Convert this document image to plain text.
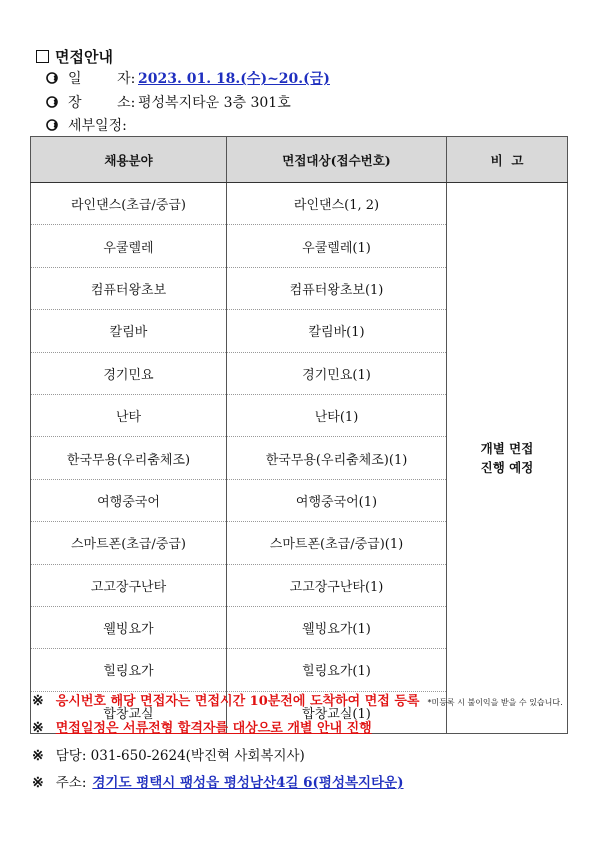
면접안내
일        자: 2023. 01. 18.(수)~20.(금)
장        소: 평성복지타운 3층 301호
세부일정:
채용분야	면접대상(접수번호)	비  고
라인댄스(초급/중급)	라인댄스(1, 2)	개별 면접
진행 예정

우쿨렐레	우쿨렐레(1)	
컴퓨터왕초보	컴퓨터왕초보(1)	
칼림바	칼림바(1)	
경기민요	경기민요(1)	
난타	난타(1)	
한국무용(우리춤체조)	한국무용(우리춤체조)(1)	
여행중국어	여행중국어(1)	
스마트폰(초급/중급)	스마트폰(초급/중급)(1)	
고고장구난타	고고장구난타(1)	
웰빙요가	웰빙요가(1)	
힐링요가	힐링요가(1)	
합창교실	합창교실(1)	
※ 응시번호 해당 면접자는 면접시간 10분전에 도착하여 면접 등록 *미등록 시 불이익을 받을 수 있습니다.
※ 면접일정은 서류전형 합격자를 대상으로 개별 안내 진행
※ 담당: 031-650-2624(박진혁 사회복지사)
※ 주소: 경기도 평택시 팽성읍 평성남산4길 6(평성복지타운)
